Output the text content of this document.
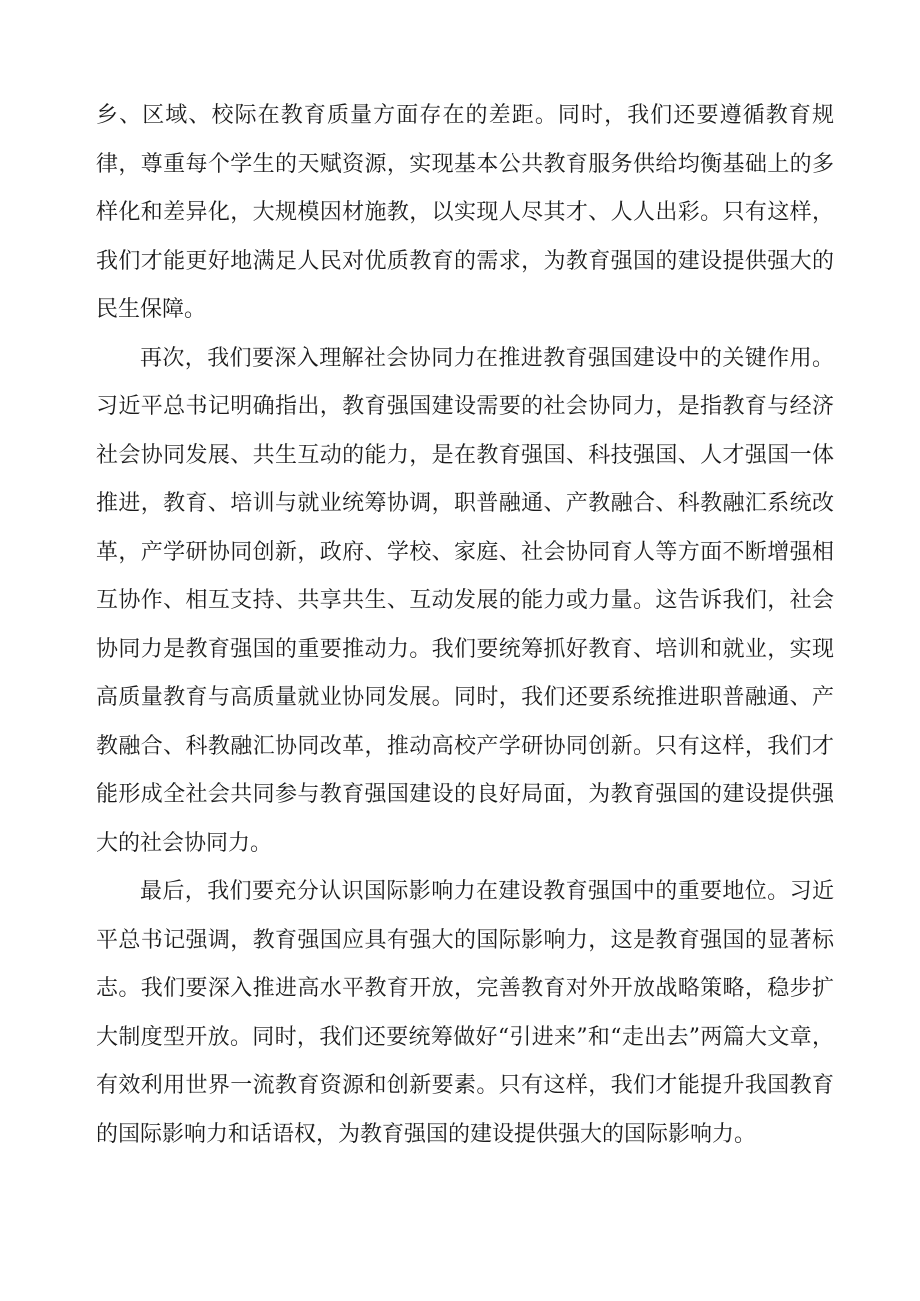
乡、区域、校际在教育质量方面存在的差距。同时，我们还要遵循教育规律，尊重每个学生的天赋资源，实现基本公共教育服务供给均衡基础上的多样化和差异化，大规模因材施教，以实现人尽其才、人人出彩。只有这样，我们才能更好地满足人民对优质教育的需求，为教育强国的建设提供强大的民生保障。

再次，我们要深入理解社会协同力在推进教育强国建设中的关键作用。习近平总书记明确指出，教育强国建设需要的社会协同力，是指教育与经济社会协同发展、共生互动的能力，是在教育强国、科技强国、人才强国一体推进，教育、培训与就业统筹协调，职普融通、产教融合、科教融汇系统改革，产学研协同创新，政府、学校、家庭、社会协同育人等方面不断增强相互协作、相互支持、共享共生、互动发展的能力或力量。这告诉我们，社会协同力是教育强国的重要推动力。我们要统筹抓好教育、培训和就业，实现高质量教育与高质量就业协同发展。同时，我们还要系统推进职普融通、产教融合、科教融汇协同改革，推动高校产学研协同创新。只有这样，我们才能形成全社会共同参与教育强国建设的良好局面，为教育强国的建设提供强大的社会协同力。

最后，我们要充分认识国际影响力在建设教育强国中的重要地位。习近平总书记强调，教育强国应具有强大的国际影响力，这是教育强国的显著标志。我们要深入推进高水平教育开放，完善教育对外开放战略策略，稳步扩大制度型开放。同时，我们还要统筹做好“引进来”和“走出去”两篇大文章，有效利用世界一流教育资源和创新要素。只有这样，我们才能提升我国教育的国际影响力和话语权，为教育强国的建设提供强大的国际影响力。
